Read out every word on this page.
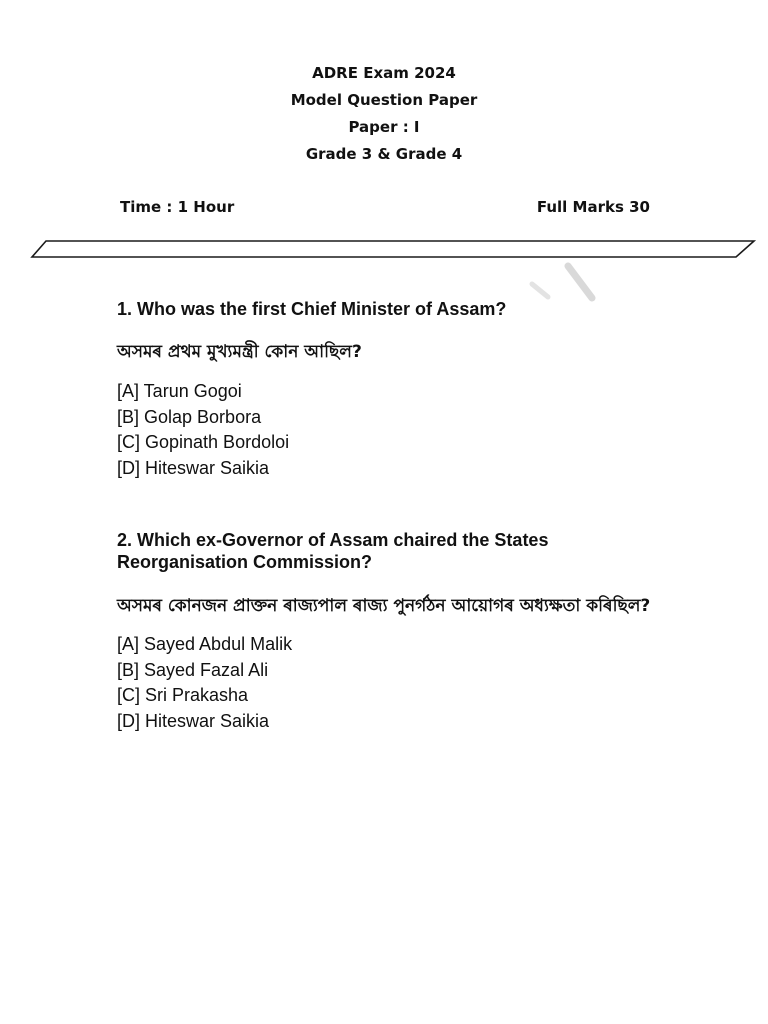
ADRE Exam 2024
Model Question Paper
Paper : I
Grade 3 & Grade 4
Time : 1 Hour	Full Marks 30

1. Who was the first Chief Minister of Assam?

অসমৰ প্ৰথম মুখ্যমন্ত্ৰী কোন আছিল?

[A] Tarun Gogoi
[B] Golap Borbora
[C] Gopinath Bordoloi
[D] Hiteswar Saikia

2. Which ex-Governor of Assam chaired the States Reorganisation Commission?

অসমৰ কোনজন প্ৰাক্তন ৰাজ্যপাল ৰাজ্য পুনৰ্গঠন আয়োগৰ অধ্যক্ষতা কৰিছিল?

[A] Sayed Abdul Malik
[B] Sayed Fazal Ali
[C] Sri Prakasha
[D] Hiteswar Saikia
